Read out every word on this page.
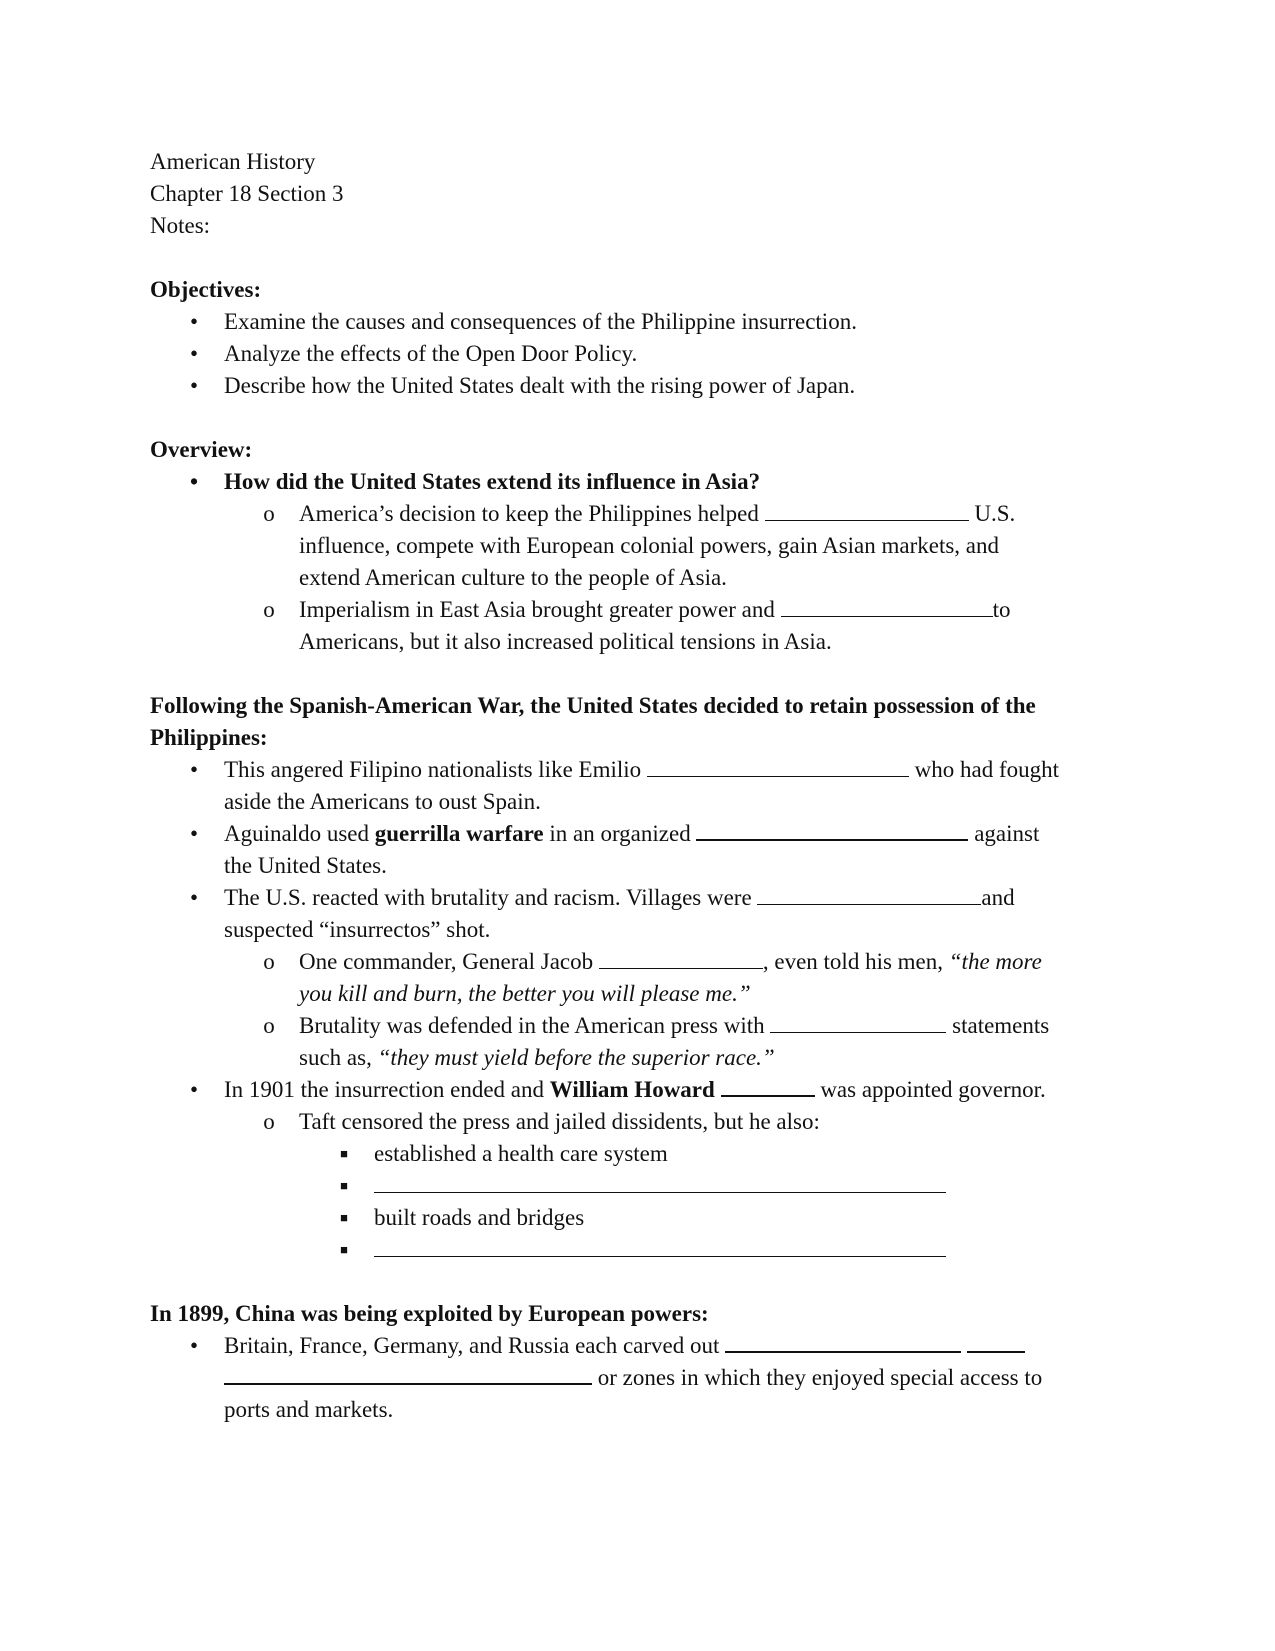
American History
Chapter 18 Section 3
Notes:
Objectives:
• Examine the causes and consequences of the Philippine insurrection.
• Analyze the effects of the Open Door Policy.
• Describe how the United States dealt with the rising power of Japan.
Overview:
• How did the United States extend its influence in Asia?
o America’s decision to keep the Philippines helped	U.S.
influence, compete with European colonial powers, gain Asian markets, and
extend American culture to the people of Asia.
o Imperialism in East Asia brought greater power and	to
Americans, but it also increased political tensions in Asia.
Following the Spanish-American War, the United States decided to retain possession of the
Philippines:
• This angered Filipino nationalists like Emilio	who had fought
aside the Americans to oust Spain.
• Aguinaldo used guerrilla warfare in an organized	against
the United States.
• The U.S. reacted with brutality and racism. Villages were	and
suspected “insurrectos” shot.
o One commander, General Jacob	, even told his men, “the more
you kill and burn, the better you will please me.”
o Brutality was defended in the American press with	statements
such as, “they must yield before the superior race.”
• In 1901 the insurrection ended and William Howard	was appointed governor.
o Taft censored the press and jailed dissidents, but he also:
■ established a health care system
■
■ built roads and bridges
■
In 1899, China was being exploited by European powers:
• Britain, France, Germany, and Russia each carved out
or zones in which they enjoyed special access to
ports and markets.
